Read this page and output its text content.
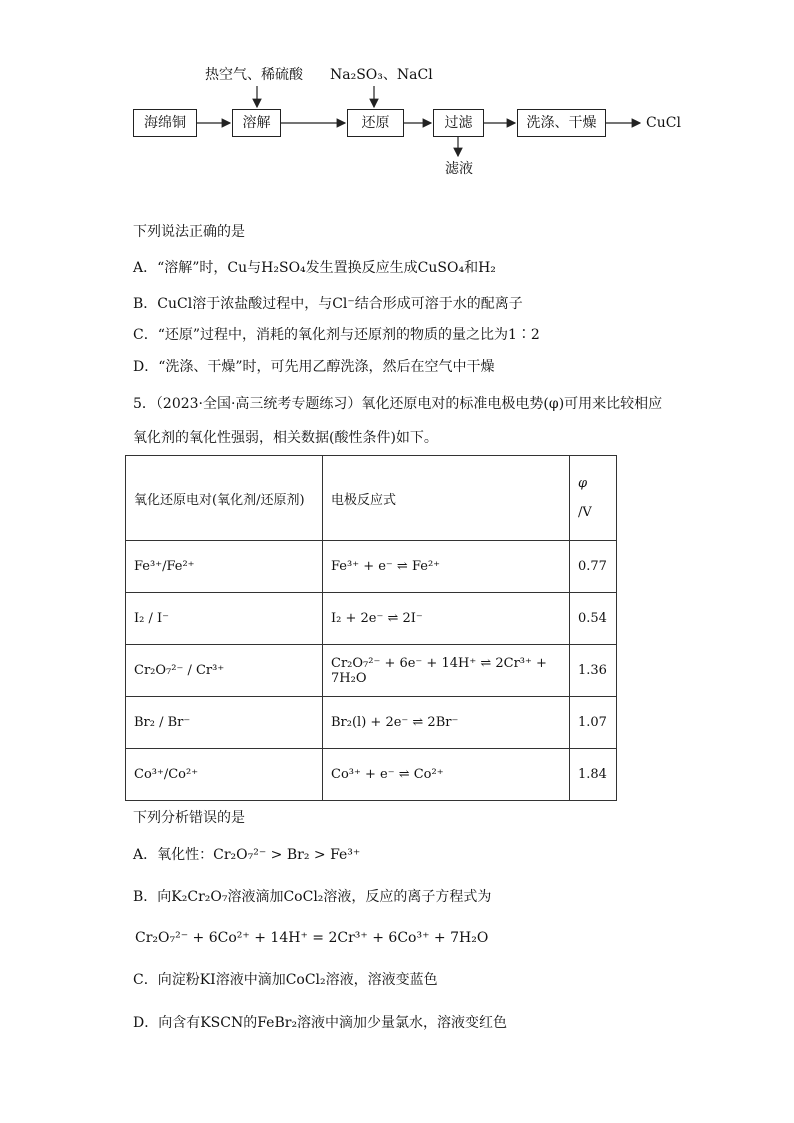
海绵铜	溶解	还原	过滤	洗涤、干燥
热空气、稀硫酸 Na₂SO₃、NaCl
滤液
CuCl
下列说法正确的是
A．“溶解”时，Cu与H₂SO₄发生置换反应生成CuSO₄和H₂
B．CuCl溶于浓盐酸过程中，与Cl⁻结合形成可溶于水的配离子
C．“还原”过程中，消耗的氧化剂与还原剂的物质的量之比为1∶2
D．“洗涤、干燥”时，可先用乙醇洗涤，然后在空气中干燥
5．（2023·全国·高三统考专题练习）氧化还原电对的标准电极电势(φ)可用来比较相应
氧化剂的氧化性强弱，相关数据(酸性条件)如下。
氧化还原电对(氧化剂/还原剂)	电极反应式	φ
/V

Fe³⁺/Fe²⁺	Fe³⁺ + e⁻ ⇌ Fe²⁺	0.77
I₂ / I⁻	I₂ + 2e⁻ ⇌ 2I⁻	0.54
Cr₂O₇²⁻ / Cr³⁺	Cr₂O₇²⁻ + 6e⁻ + 14H⁺ ⇌ 2Cr³⁺ + 7H₂O	1.36
Br₂ / Br⁻	Br₂(l) + 2e⁻ ⇌ 2Br⁻	1.07
Co³⁺/Co²⁺	Co³⁺ + e⁻ ⇌ Co²⁺	1.84
下列分析错误的是
A．氧化性：Cr₂O₇²⁻ > Br₂ > Fe³⁺
B．向K₂Cr₂O₇溶液滴加CoCl₂溶液，反应的离子方程式为
Cr₂O₇²⁻ + 6Co²⁺ + 14H⁺ = 2Cr³⁺ + 6Co³⁺ + 7H₂O
C．向淀粉KI溶液中滴加CoCl₂溶液，溶液变蓝色
D．向含有KSCN的FeBr₂溶液中滴加少量氯水，溶液变红色
